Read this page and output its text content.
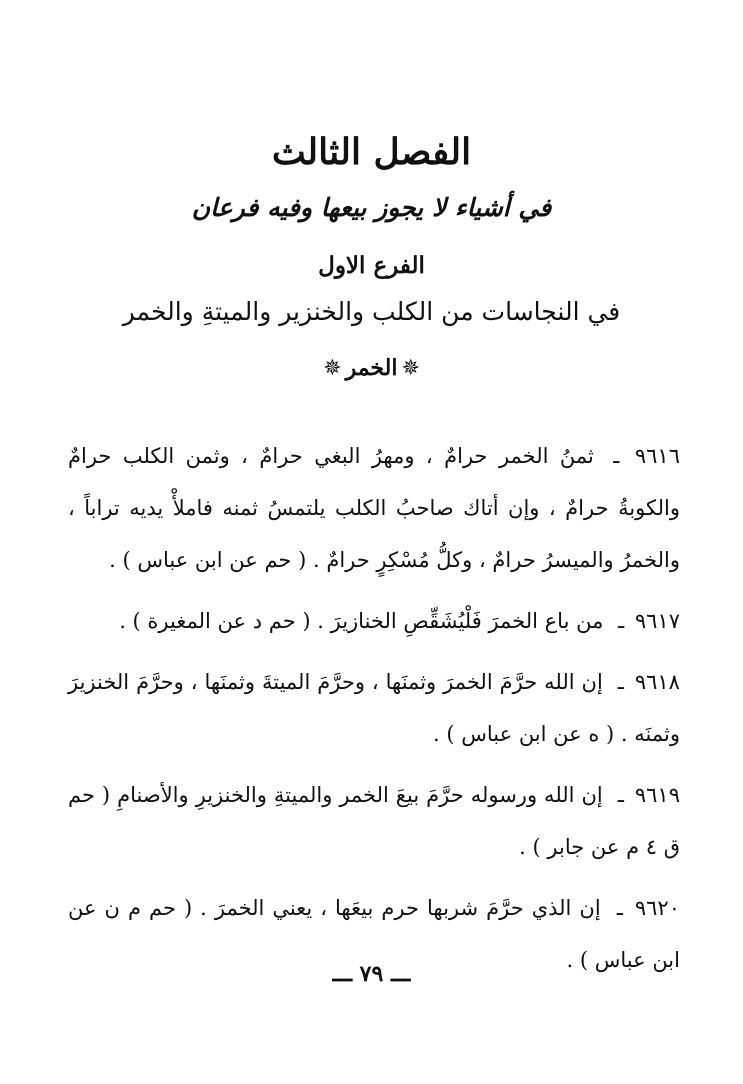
الفصل الثالث
في أشياء لا يجوز بيعها وفيه فرعان
الفرع الاول
في النجاسات من الكلب والخنزير والميتةِ والخمر
✵الخمر✵

٩٦١٦ ـ ثمنُ الخمر حرامٌ ، ومهرُ البغي حرامٌ ، وثمن الكلب حرامٌ والكوبةُ حرامٌ ، وإن أتاك صاحبُ الكلب يلتمسُ ثمنه فاملأْ يديه تراباً ، والخمرُ والميسرُ حرامٌ ، وكلُّ مُسْكِرٍ حرامٌ . ( حم عن ابن عباس ) .

٩٦١٧ ـ من باع الخمرَ فَلْيُشَقِّصِ الخنازيرَ . ( حم د عن المغيرة ) .

٩٦١٨ ـ إن الله حرَّمَ الخمرَ وثمنَها ، وحرَّمَ الميتةَ وثمنَها ، وحرَّمَ الخنزيرَ وثمنَه . ( ه عن ابن عباس ) .

٩٦١٩ ـ إن الله ورسوله حرَّمَ بيعَ الخمر والميتةِ والخنزيرِ والأصنامِ ( حم ق ٤ م عن جابر ) .

٩٦٢٠ ـ إن الذي حرَّمَ شربها حرم بيعَها ، يعني الخمرَ . ( حم م ن عن ابن عباس ) .

ـــ ٧٩ ـــ
